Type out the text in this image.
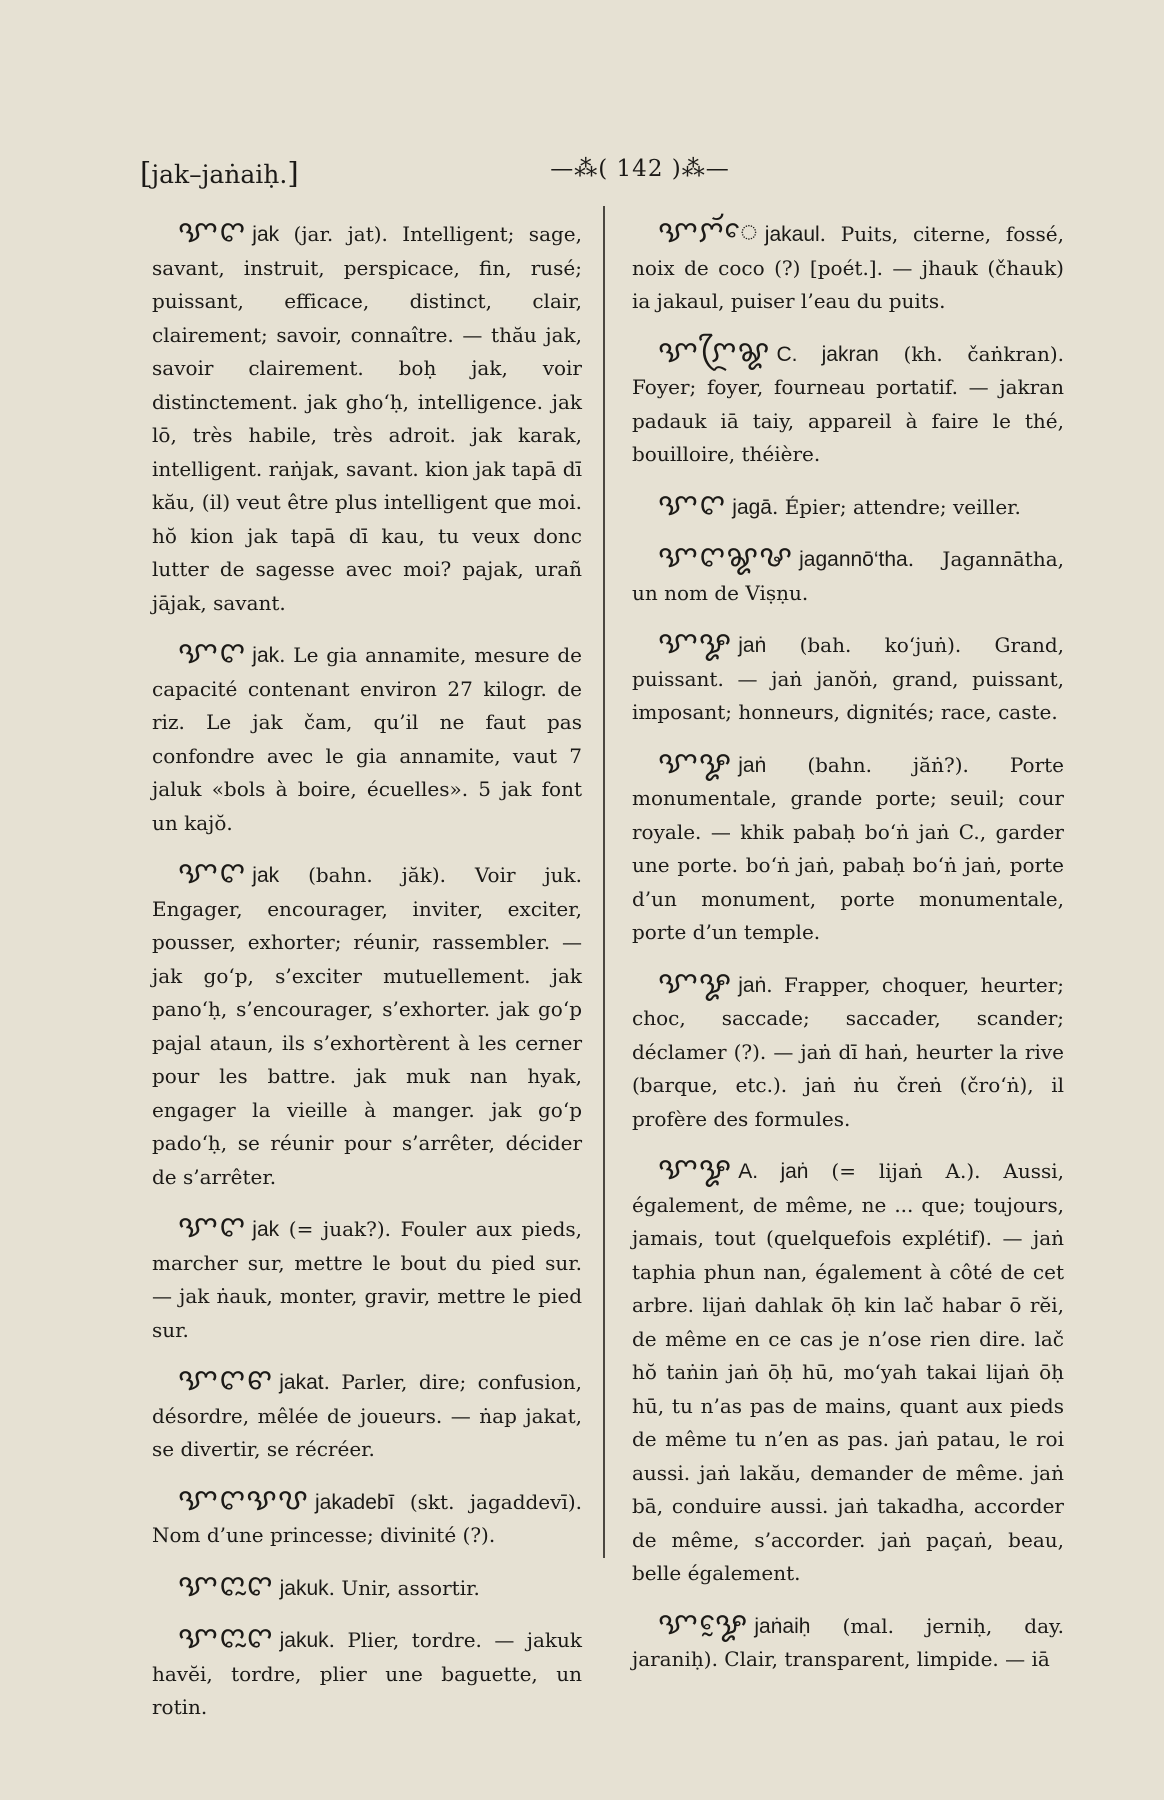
[jak–jaṅaiḥ.]	—⁂( 142 )⁂—
ꨎꨈ jak (jar. jat). Intelligent; sage, savant, instruit, perspicace, fin, rusé; puissant, efficace, distinct, clair, clairement; savoir, connaître. — thău jak, savoir clairement. boḥ jak, voir distinctement. jak gho‘ḥ, intelligence. jak lō, très habile, très adroit. jak karak, intelligent. raṅjak, savant. kion jak tapā dī kău, (il) veut être plus intelligent que moi. hŏ kion jak tapā dī kau, tu veux donc lutter de sagesse avec moi? pajak, urañ jājak, savant.
ꨎꨈ jak. Le gia annamite, mesure de capacité contenant environ 27 kilogr. de riz. Le jak čam, qu’il ne faut pas confondre avec le gia annamite, vaut 7 jaluk «bols à boire, écuelles». 5 jak font un kajŏ.
ꨎꨈ jak (bahn. jăk). Voir juk. Engager, encourager, inviter, exciter, pousser, exhorter; réunir, rassembler. — jak go‘p, s’exciter mutuellement. jak pano‘ḥ, s’encourager, s’exhorter. jak go‘p pajal ataun, ils s’exhortèrent à les cerner pour les battre. jak muk nan hyak, engager la vieille à manger. jak go‘p pado‘ḥ, se réunir pour s’arrêter, décider de s’arrêter.
ꨎꨈ jak (= juak?). Fouler aux pieds, marcher sur, mettre le bout du pied sur. — jak ṅauk, monter, gravir, mettre le pied sur.
ꨎꨈꨓ jakat. Parler, dire; confusion, désordre, mêlée de joueurs. — ṅap jakat, se divertir, se récréer.
ꨎꨈꨕꨝ jakadebī (skt. jagaddevī). Nom d’une princesse; divinité (?).
ꨎꨈꨭꨈ jakuk. Unir, assortir.
ꨎꨈꨭꨈ jakuk. Plier, tordre. — jakuk havĕi, tordre, plier une baguette, un rotin.
ꨎꨆꨮꨯ jakaul. Puits, citerne, fossé, noix de coco (?) [poét.]. — jhauk (čhauk) ia jakaul, puiser l’eau du puits.
ꨎꨆꨴꨘ C. jakran (kh. čaṅkran). Foyer; foyer, fourneau portatif. — jakran padauk iā taiy, appareil à faire le thé, bouilloire, théière.
ꨎꨈ jagā. Épier; attendre; veiller.
ꨎꨈꨘꨔ jagannō‘tha. Jagannātha, un nom de Viṣṇu.
ꨎꨋ jaṅ (bah. ko‘juṅ). Grand, puissant. — jaṅ janŏṅ, grand, puissant, imposant; honneurs, dignités; race, caste.
ꨎꨋ jaṅ (bahn. jăṅ?). Porte monumentale, grande porte; seuil; cour royale. — khik pabaḥ bo‘ṅ jaṅ C., garder une porte. bo‘ṅ jaṅ, pabaḥ bo‘ṅ jaṅ, porte d’un monument, porte monumentale, porte d’un temple.
ꨎꨋ jaṅ. Frapper, choquer, heurter; choc, saccade; saccader, scander; déclamer (?). — jaṅ dī haṅ, heurter la rive (barque, etc.). jaṅ ṅu čreṅ (čro‘ṅ), il profère des formules.
ꨎꨋ A. jaṅ (= lijaṅ A.). Aussi, également, de même, ne ... que; toujours, jamais, tout (quelquefois explétif). — jaṅ taphia phun nan, également à côté de cet arbre. lijaṅ dahlak ōḥ kin lač habar ō rĕi, de même en ce cas je n’ose rien dire. lač hŏ taṅin jaṅ ōḥ hū, mo‘yah takai lijaṅ ōḥ hū, tu n’as pas de mains, quant aux pieds de même tu n’en as pas. jaṅ patau, le roi aussi. jaṅ lakău, demander de même. jaṅ bā, conduire aussi. jaṅ takadha, accorder de même, s’accorder. jaṅ paçaṅ, beau, belle également.
ꨎꨋꨰ jaṅaiḥ (mal. jerniḥ, day. jaraniḥ). Clair, transparent, limpide. — iā
